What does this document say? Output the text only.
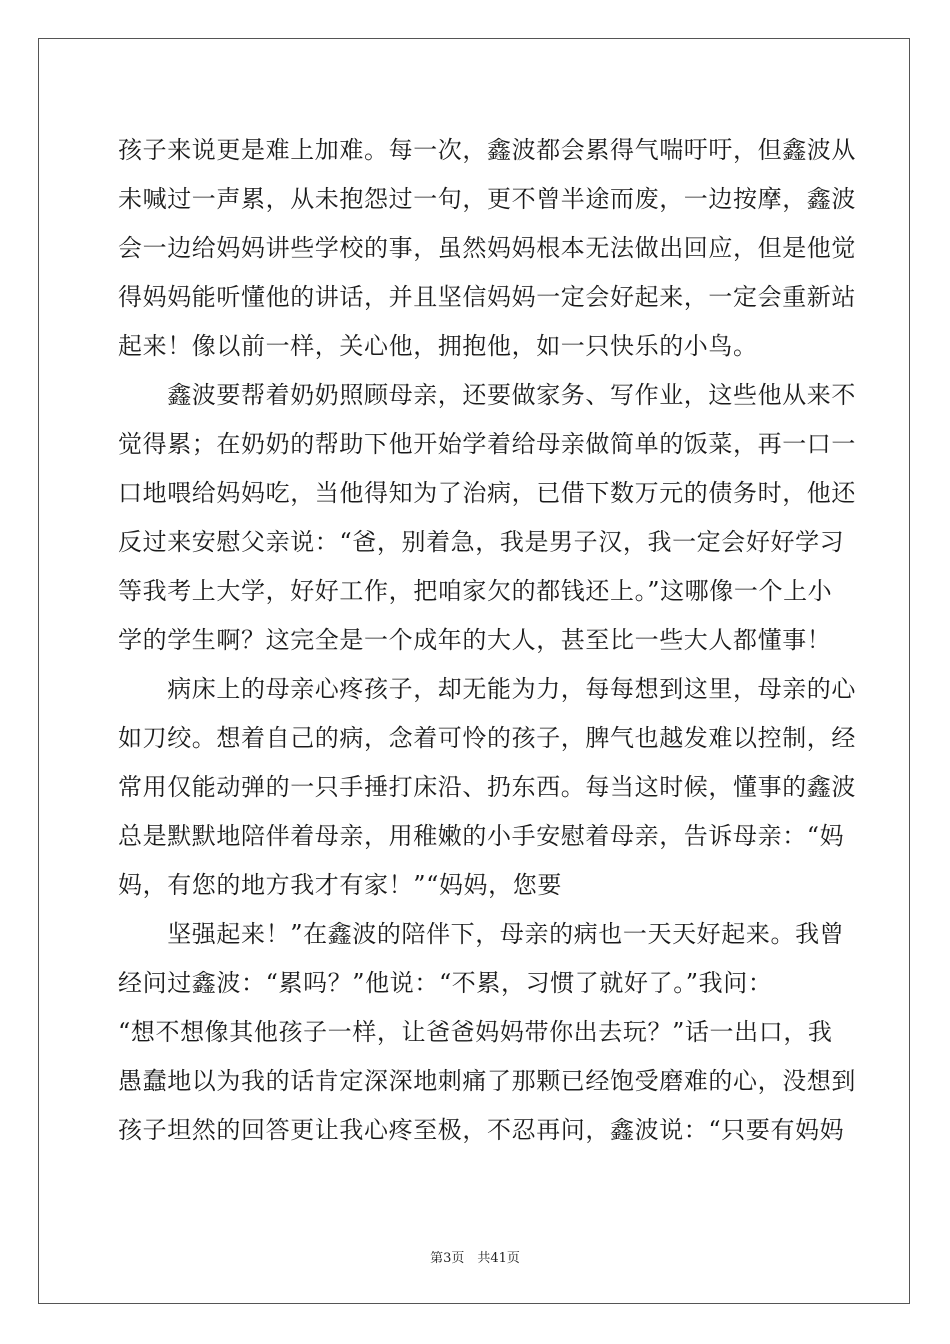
孩子来说更是难上加难。每一次，鑫波都会累得气喘吁吁，但鑫波从
未喊过一声累，从未抱怨过一句，更不曾半途而废，一边按摩，鑫波
会一边给妈妈讲些学校的事，虽然妈妈根本无法做出回应，但是他觉
得妈妈能听懂他的讲话，并且坚信妈妈一定会好起来，一定会重新站
起来！像以前一样，关心他，拥抱他，如一只快乐的小鸟。
　　鑫波要帮着奶奶照顾母亲，还要做家务、写作业，这些他从来不
觉得累；在奶奶的帮助下他开始学着给母亲做简单的饭菜，再一口一
口地喂给妈妈吃，当他得知为了治病，已借下数万元的债务时，他还
反过来安慰父亲说：“爸，别着急，我是男子汉，我一定会好好学习
等我考上大学，好好工作，把咱家欠的都钱还上。”这哪像一个上小
学的学生啊？这完全是一个成年的大人，甚至比一些大人都懂事！
　　病床上的母亲心疼孩子，却无能为力，每每想到这里，母亲的心
如刀绞。想着自己的病，念着可怜的孩子，脾气也越发难以控制，经
常用仅能动弹的一只手捶打床沿、扔东西。每当这时候，懂事的鑫波
总是默默地陪伴着母亲，用稚嫩的小手安慰着母亲，告诉母亲：“妈
妈，有您的地方我才有家！”“妈妈，您要
　　坚强起来！”在鑫波的陪伴下，母亲的病也一天天好起来。我曾
经问过鑫波：“累吗？”他说：“不累，习惯了就好了。”我问：
“想不想像其他孩子一样，让爸爸妈妈带你出去玩？”话一出口，我
愚蠢地以为我的话肯定深深地刺痛了那颗已经饱受磨难的心，没想到
孩子坦然的回答更让我心疼至极，不忍再问，鑫波说：“只要有妈妈
第3页　共41页
